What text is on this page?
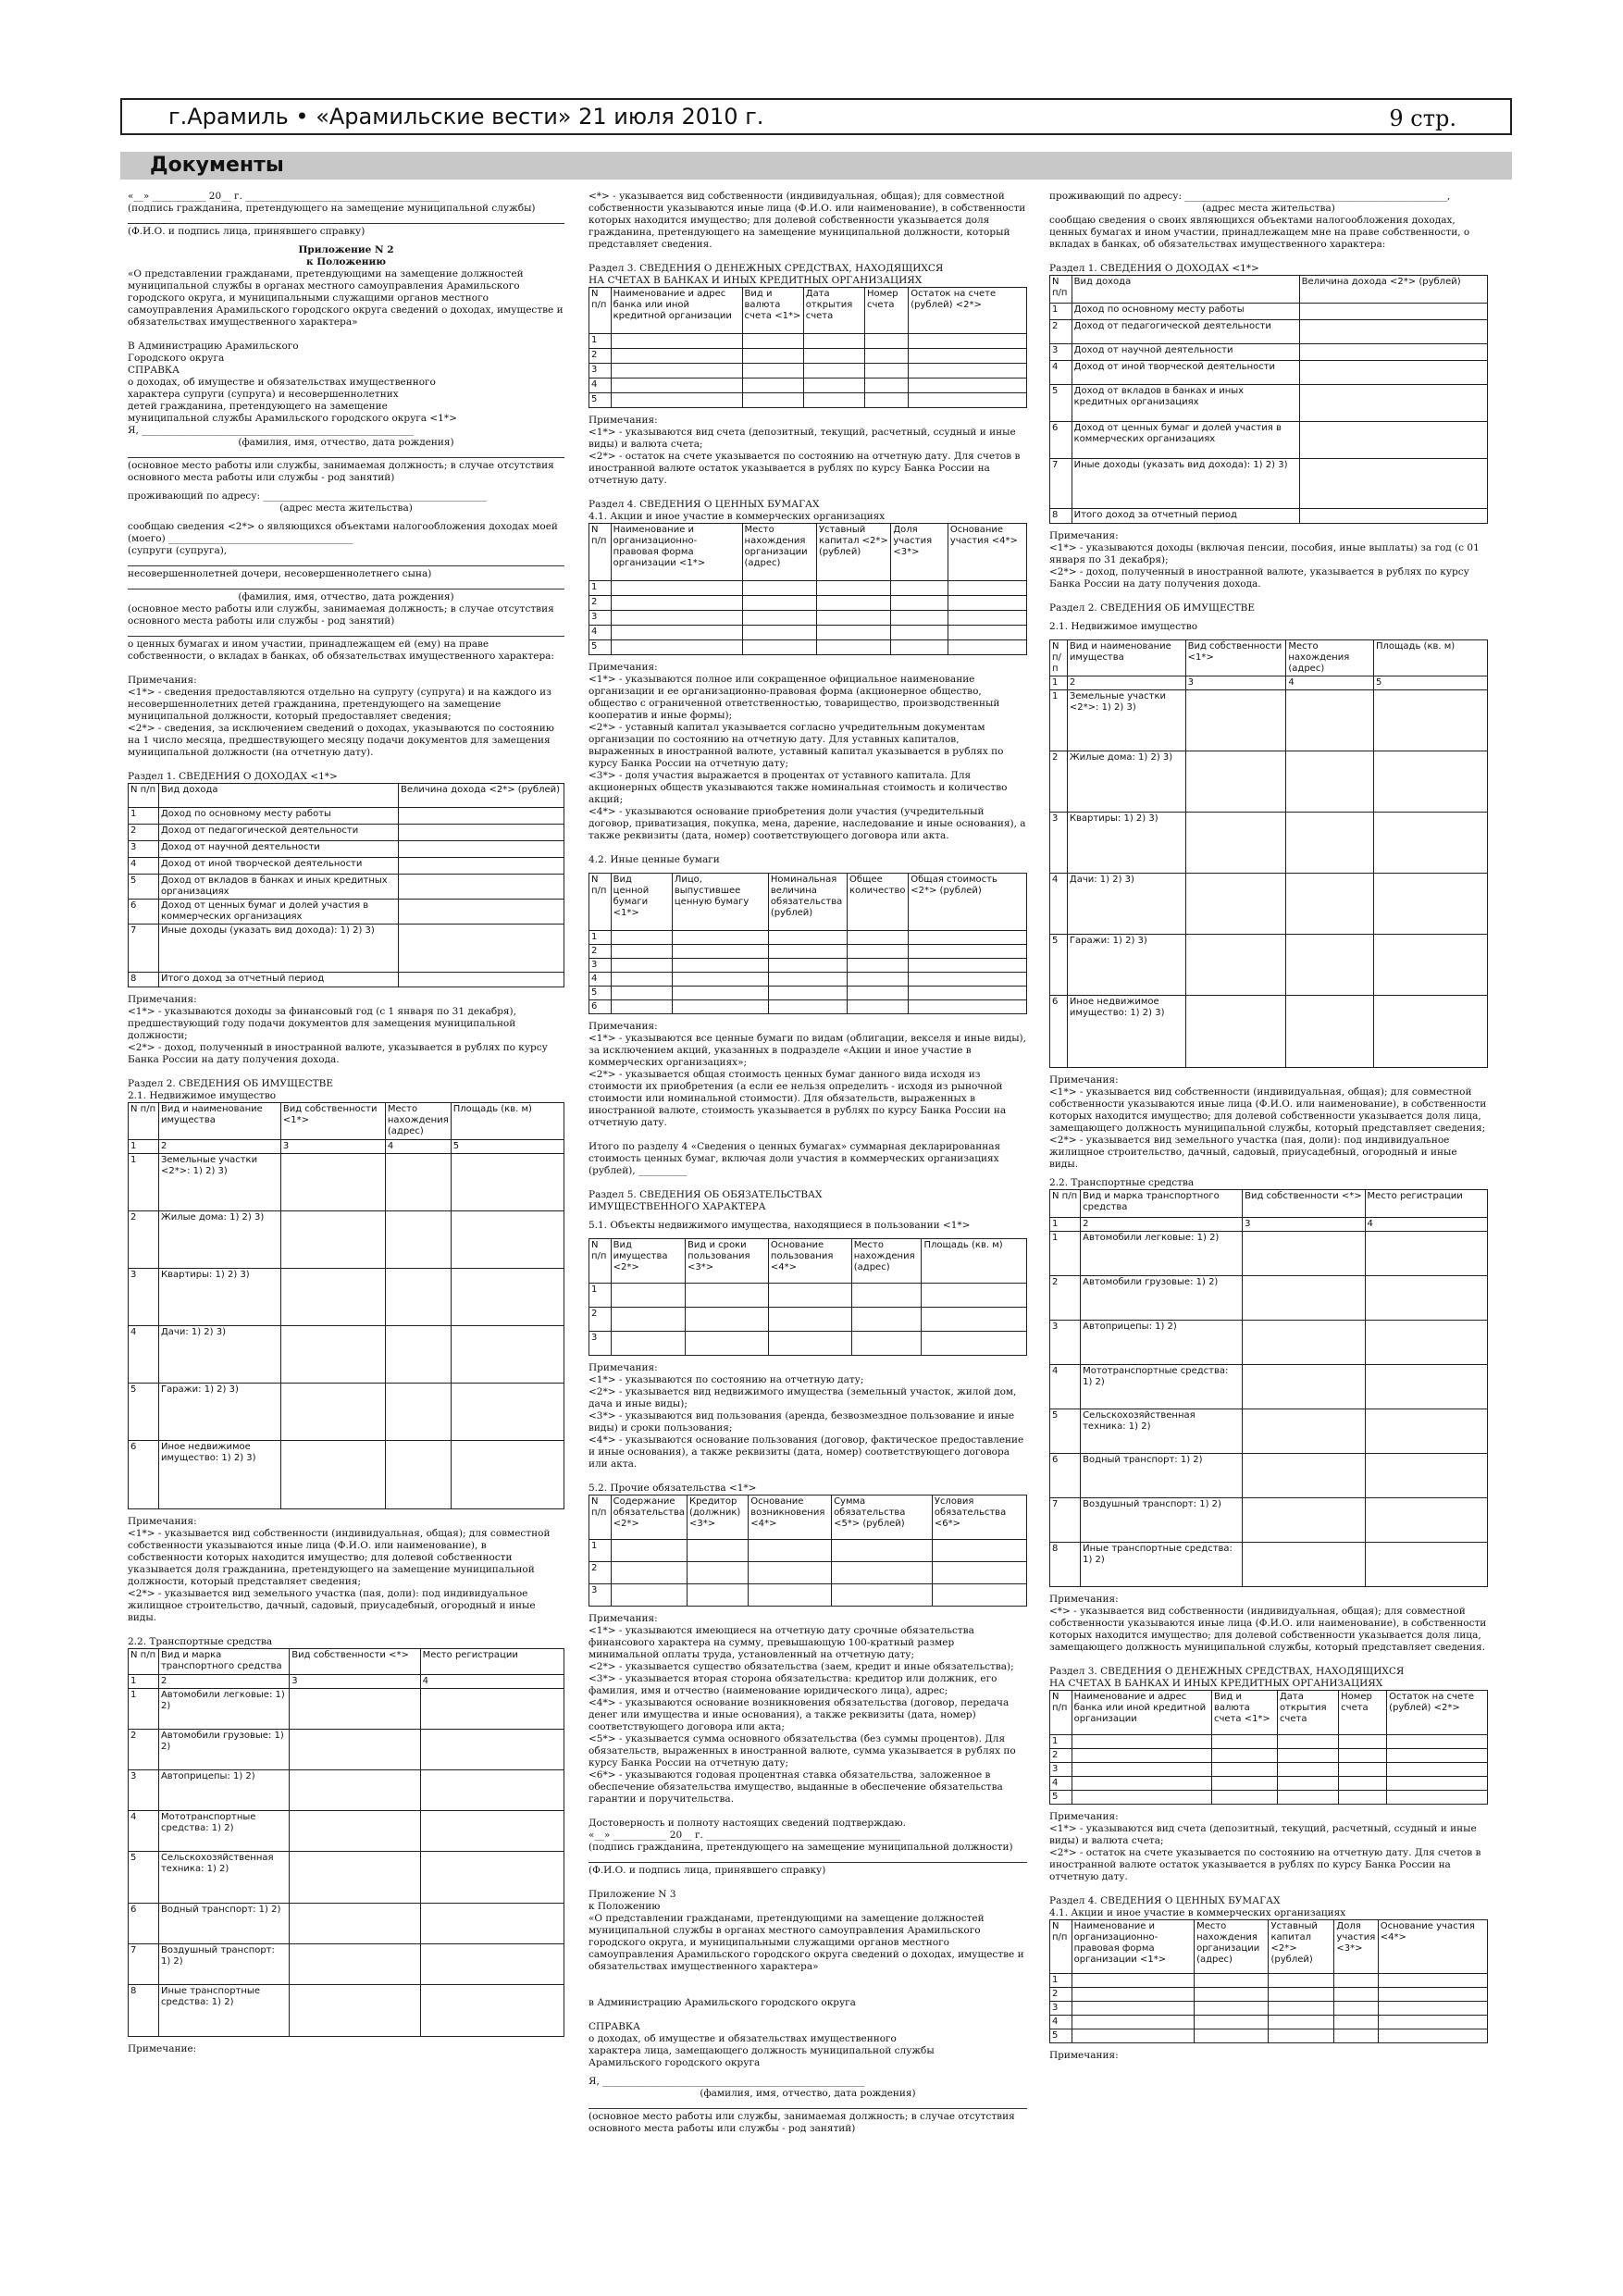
г.Арамиль • «Арамильские вести» 21 июля 2010 г.	9 стр.
Документы

«__» ___________ 20__ г. ________________________________________

(подпись гражданина, претендующего на замещение муниципальной службы)

(Ф.И.О. и подпись лица, принявшего справку)

Приложение N 2

к Положению

«О представлении гражданами, претендующими на замещение должностей муниципальной службы в органах местного самоуправления Арамильского городского округа, и муниципальными служащими органов местного самоуправления Арамильского городского округа сведений о доходах, имуществе и обязательствах имущественного характера»

В Администрацию Арамильского

Городского округа

СПРАВКА

о доходах, об имуществе и обязательствах имущественного

характера супруги (супруга) и несовершеннолетних

детей гражданина, претендующего на замещение

муниципальной службы Арамильского городского округа <1*>

Я, ________________________________________________________

(фамилия, имя, отчество, дата рождения)

(основное место работы или службы, занимаемая должность; в случае отсутствия основного места работы или службы - род занятий)

проживающий по адресу: ______________________________________________

(адрес места жительства)

сообщаю сведения <2*> о являющихся объектами налогообложения доходах моей (моего) ______________________________________

(супруги (супруга),

несовершеннолетней дочери, несовершеннолетнего сына)

(фамилия, имя, отчество, дата рождения)

(основное место работы или службы, занимаемая должность; в случае отсутствия основного места работы или службы - род занятий)

о ценных бумагах и ином участии, принадлежащем ей (ему) на праве собственности, о вкладах в банках, об обязательствах имущественного характера:

Примечания:

<1*> - сведения предоставляются отдельно на супругу (супруга) и на каждого из несовершеннолетних детей гражданина, претендующего на замещение муниципальной должности, который предоставляет сведения;

<2*> - сведения, за исключением сведений о доходах, указываются по состоянию на 1 число месяца, предшествующего месяцу подачи документов для замещения муниципальной должности (на отчетную дату).

Раздел 1. СВЕДЕНИЯ О ДОХОДАХ <1*>

N п/п	Вид дохода	Величина дохода <2*> (рублей)
1	Доход по основному месту работы	
2	Доход от педагогической деятельности	
3	Доход от научной деятельности	
4	Доход от иной творческой деятельности	
5	Доход от вкладов в банках и иных кредитных организациях	
6	Доход от ценных бумаг и долей участия в коммерческих организациях	
7	Иные доходы (указать вид дохода): 1) 2) 3)	
8	Итого доход за отчетный период	

Примечания:

<1*> - указываются доходы за финансовый год (с 1 января по 31 декабря), предшествующий году подачи документов для замещения муниципальной должности;

<2*> - доход, полученный в иностранной валюте, указывается в рублях по курсу Банка России на дату получения дохода.

Раздел 2. СВЕДЕНИЯ ОБ ИМУЩЕСТВЕ

2.1. Недвижимое имущество

N п/п	Вид и наименование имущества	Вид собственности <1*>	Место нахождения (адрес)	Площадь (кв. м)
1	2	3	4	5
1	Земельные участки <2*>: 1) 2) 3)			
2	Жилые дома: 1) 2) 3)			
3	Квартиры: 1) 2) 3)			
4	Дачи: 1) 2) 3)			
5	Гаражи: 1) 2) 3)			
6	Иное недвижимое имущество: 1) 2) 3)			

Примечания:

<1*> - указывается вид собственности (индивидуальная, общая); для совместной собственности указываются иные лица (Ф.И.О. или наименование), в собственности которых находится имущество; для долевой собственности указывается доля гражданина, претендующего на замещение муниципальной должности, который представляет сведения;

<2*> - указывается вид земельного участка (пая, доли): под индивидуальное жилищное строительство, дачный, садовый, приусадебный, огородный и иные виды.

2.2. Транспортные средства

N п/п	Вид и марка транспортного средства	Вид собственности <*>	Место регистрации
1	2	3	4
1	Автомобили легковые: 1) 2)		
2	Автомобили грузовые: 1) 2)		
3	Автоприцепы: 1) 2)		
4	Мототранспортные средства: 1) 2)		
5	Сельскохозяйственная техника: 1) 2)		
6	Водный транспорт: 1) 2)		
7	Воздушный транспорт: 1) 2)		
8	Иные транспортные средства: 1) 2)		

Примечание:

<*> - указывается вид собственности (индивидуальная, общая); для совместной собственности указываются иные лица (Ф.И.О. или наименование), в собственности которых находится имущество; для долевой собственности указывается доля гражданина, претендующего на замещение муниципальной должности, который представляет сведения.

Раздел 3. СВЕДЕНИЯ О ДЕНЕЖНЫХ СРЕДСТВАХ, НАХОДЯЩИХСЯ

НА СЧЕТАХ В БАНКАХ И ИНЫХ КРЕДИТНЫХ ОРГАНИЗАЦИЯХ

N п/п	Наименование и адрес банка или иной кредитной организации	Вид и валюта счета <1*>	Дата открытия счета	Номер счета	Остаток на счете (рублей) <2*>
1					
2					
3					
4					
5					

Примечания:

<1*> - указываются вид счета (депозитный, текущий, расчетный, ссудный и иные виды) и валюта счета;

<2*> - остаток на счете указывается по состоянию на отчетную дату. Для счетов в иностранной валюте остаток указывается в рублях по курсу Банка России на отчетную дату.

Раздел 4. СВЕДЕНИЯ О ЦЕННЫХ БУМАГАХ

4.1. Акции и иное участие в коммерческих организациях

N п/п	Наименование и организационно-правовая форма организации <1*>	Место нахождения организации (адрес)	Уставный капитал <2*> (рублей)	Доля участия <3*>	Основание участия <4*>
1					
2					
3					
4					
5					

Примечания:

<1*> - указываются полное или сокращенное официальное наименование организации и ее организационно-правовая форма (акционерное общество, общество с ограниченной ответственностью, товарищество, производственный кооператив и иные формы);

<2*> - уставный капитал указывается согласно учредительным документам организации по состоянию на отчетную дату. Для уставных капиталов, выраженных в иностранной валюте, уставный капитал указывается в рублях по курсу Банка России на отчетную дату;

<3*> - доля участия выражается в процентах от уставного капитала. Для акционерных обществ указываются также номинальная стоимость и количество акций;

<4*> - указываются основание приобретения доли участия (учредительный договор, приватизация, покупка, мена, дарение, наследование и иные основания), а также реквизиты (дата, номер) соответствующего договора или акта.

4.2. Иные ценные бумаги

N п/п	Вид ценной бумаги <1*>	Лицо, выпустившее ценную бумагу	Номинальная величина обязательства (рублей)	Общее количество	Общая стоимость <2*> (рублей)
1					
2					
3					
4					
5					
6					

Примечания:

<1*> - указываются все ценные бумаги по видам (облигации, векселя и иные виды), за исключением акций, указанных в подразделе «Акции и иное участие в коммерческих организациях»;

<2*> - указывается общая стоимость ценных бумаг данного вида исходя из стоимости их приобретения (а если ее нельзя определить - исходя из рыночной стоимости или номинальной стоимости). Для обязательств, выраженных в иностранной валюте, стоимость указывается в рублях по курсу Банка России на отчетную дату.

Итого по разделу 4 «Сведения о ценных бумагах» суммарная декларированная стоимость ценных бумаг, включая доли участия в коммерческих организациях (рублей), __________

Раздел 5. СВЕДЕНИЯ ОБ ОБЯЗАТЕЛЬСТВАХ

ИМУЩЕСТВЕННОГО ХАРАКТЕРА

5.1. Объекты недвижимого имущества, находящиеся в пользовании <1*>

N п/п	Вид имущества <2*>	Вид и сроки пользования <3*>	Основание пользования <4*>	Место нахождения (адрес)	Площадь (кв. м)
1					
2					
3					

Примечания:

<1*> - указываются по состоянию на отчетную дату;

<2*> - указывается вид недвижимого имущества (земельный участок, жилой дом, дача и иные виды);

<3*> - указываются вид пользования (аренда, безвозмездное пользование и иные виды) и сроки пользования;

<4*> - указываются основание пользования (договор, фактическое предоставление и иные основания), а также реквизиты (дата, номер) соответствующего договора или акта.

5.2. Прочие обязательства <1*>

N п/п	Содержание обязательства <2*>	Кредитор (должник) <3*>	Основание возникновения <4*>	Сумма обязательства <5*> (рублей)	Условия обязательства <6*>
1					
2					
3					

Примечания:

<1*> - указываются имеющиеся на отчетную дату срочные обязательства финансового характера на сумму, превышающую 100-кратный размер минимальной оплаты труда, установленный на отчетную дату;

<2*> - указывается существо обязательства (заем, кредит и иные обязательства);

<3*> - указывается вторая сторона обязательства: кредитор или должник, его фамилия, имя и отчество (наименование юридического лица), адрес;

<4*> - указываются основание возникновения обязательства (договор, передача денег или имущества и иные основания), а также реквизиты (дата, номер) соответствующего договора или акта;

<5*> - указывается сумма основного обязательства (без суммы процентов). Для обязательств, выраженных в иностранной валюте, сумма указывается в рублях по курсу Банка России на отчетную дату;

<6*> - указываются годовая процентная ставка обязательства, заложенное в обеспечение обязательства имущество, выданные в обеспечение обязательства гарантии и поручительства.

Достоверность и полноту настоящих сведений подтверждаю.

«__» ___________ 20__ г. ________________________________________

(подпись гражданина, претендующего на замещение муниципальной должности)

(Ф.И.О. и подпись лица, принявшего справку)

Приложение N 3

к Положению

«О представлении гражданами, претендующими на замещение должностей муниципальной службы в органах местного самоуправления Арамильского городского округа, и муниципальными служащими органов местного самоуправления Арамильского городского округа сведений о доходах, имуществе и обязательствах имущественного характера»

в Администрацию Арамильского городского округа

СПРАВКА

о доходах, об имуществе и обязательствах имущественного

характера лица, замещающего должность муниципальной службы

Арамильского городского округа

Я, ______________________________________________________

(фамилия, имя, отчество, дата рождения)

(основное место работы или службы, занимаемая должность; в случае отсутствия основного места работы или службы - род занятий)

проживающий по адресу: ______________________________________________________,

(адрес места жительства)

сообщаю сведения о своих являющихся объектами налогообложения доходах, ценных бумагах и ином участии, принадлежащем мне на праве собственности, о вкладах в банках, об обязательствах имущественного характера:

Раздел 1. СВЕДЕНИЯ О ДОХОДАХ <1*>

N п/п	Вид дохода	Величина дохода <2*> (рублей)
1	Доход по основному месту работы	
2	Доход от педагогической деятельности	
3	Доход от научной деятельности	
4	Доход от иной творческой деятельности	
5	Доход от вкладов в банках и иных кредитных организациях	
6	Доход от ценных бумаг и долей участия в коммерческих организациях	
7	Иные доходы (указать вид дохода): 1) 2) 3)	
8	Итого доход за отчетный период	

Примечания:

<1*> - указываются доходы (включая пенсии, пособия, иные выплаты) за год (с 01 января по 31 декабря);

<2*> - доход, полученный в иностранной валюте, указывается в рублях по курсу Банка России на дату получения дохода.

Раздел 2. СВЕДЕНИЯ ОБ ИМУЩЕСТВЕ

2.1. Недвижимое имущество

N п/п	Вид и наименование имущества	Вид собственности <1*>	Место нахождения (адрес)	Площадь (кв. м)
1	2	3	4	5
1	Земельные участки <2*>: 1) 2) 3)			
2	Жилые дома: 1) 2) 3)			
3	Квартиры: 1) 2) 3)			
4	Дачи: 1) 2) 3)			
5	Гаражи: 1) 2) 3)			
6	Иное недвижимое имущество: 1) 2) 3)			

Примечания:

<1*> - указывается вид собственности (индивидуальная, общая); для совместной собственности указываются иные лица (Ф.И.О. или наименование), в собственности которых находится имущество; для долевой собственности указывается доля лица, замещающего должность муниципальной службы, который представляет сведения;

<2*> - указывается вид земельного участка (пая, доли): под индивидуальное жилищное строительство, дачный, садовый, приусадебный, огородный и иные виды.

2.2. Транспортные средства

N п/п	Вид и марка транспортного средства	Вид собственности <*>	Место регистрации
1	2	3	4
1	Автомобили легковые: 1) 2)		
2	Автомобили грузовые: 1) 2)		
3	Автоприцепы: 1) 2)		
4	Мототранспортные средства: 1) 2)		
5	Сельскохозяйственная техника: 1) 2)		
6	Водный транспорт: 1) 2)		
7	Воздушный транспорт: 1) 2)		
8	Иные транспортные средства: 1) 2)		

Примечания:

<*> - указывается вид собственности (индивидуальная, общая); для совместной собственности указываются иные лица (Ф.И.О. или наименование), в собственности которых находится имущество; для долевой собственности указывается доля лица, замещающего должность муниципальной службы, который представляет сведения.

Раздел 3. СВЕДЕНИЯ О ДЕНЕЖНЫХ СРЕДСТВАХ, НАХОДЯЩИХСЯ

НА СЧЕТАХ В БАНКАХ И ИНЫХ КРЕДИТНЫХ ОРГАНИЗАЦИЯХ

N п/п	Наименование и адрес банка или иной кредитной организации	Вид и валюта счета <1*>	Дата открытия счета	Номер счета	Остаток на счете (рублей) <2*>
1					
2					
3					
4					
5					

Примечания:

<1*> - указываются вид счета (депозитный, текущий, расчетный, ссудный и иные виды) и валюта счета;

<2*> - остаток на счете указывается по состоянию на отчетную дату. Для счетов в иностранной валюте остаток указывается в рублях по курсу Банка России на отчетную дату.

Раздел 4. СВЕДЕНИЯ О ЦЕННЫХ БУМАГАХ

4.1. Акции и иное участие в коммерческих организациях

N п/п	Наименование и организационно-правовая форма организации <1*>	Место нахождения организации (адрес)	Уставный капитал <2*> (рублей)	Доля участия <3*>	Основание участия <4*>
1					
2					
3					
4					
5					

Примечания:
